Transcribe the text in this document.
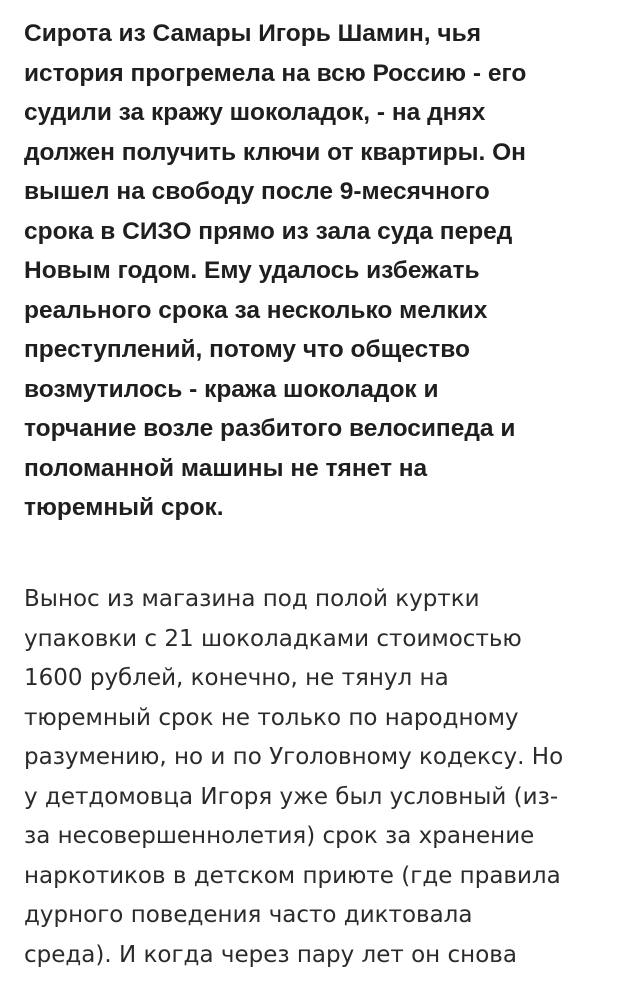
Сирота из Самары Игорь Шамин, чья
история прогремела на всю Россию - его
судили за кражу шоколадок, - на днях
должен получить ключи от квартиры. Он
вышел на свободу после 9-месячного
срока в СИЗО прямо из зала суда перед
Новым годом. Ему удалось избежать
реального срока за несколько мелких
преступлений, потому что общество
возмутилось - кража шоколадок и
торчание возле разбитого велосипеда и
поломанной машины не тянет на
тюремный срок.

Вынос из магазина под полой куртки
упаковки с 21 шоколадками стоимостью
1600 рублей, конечно, не тянул на
тюремный срок не только по народному
разумению, но и по Уголовному кодексу. Но
у детдомовца Игоря уже был условный (из-
за несовершеннолетия) срок за хранение
наркотиков в детском приюте (где правила
дурного поведения часто диктовала
среда). И когда через пару лет он снова
